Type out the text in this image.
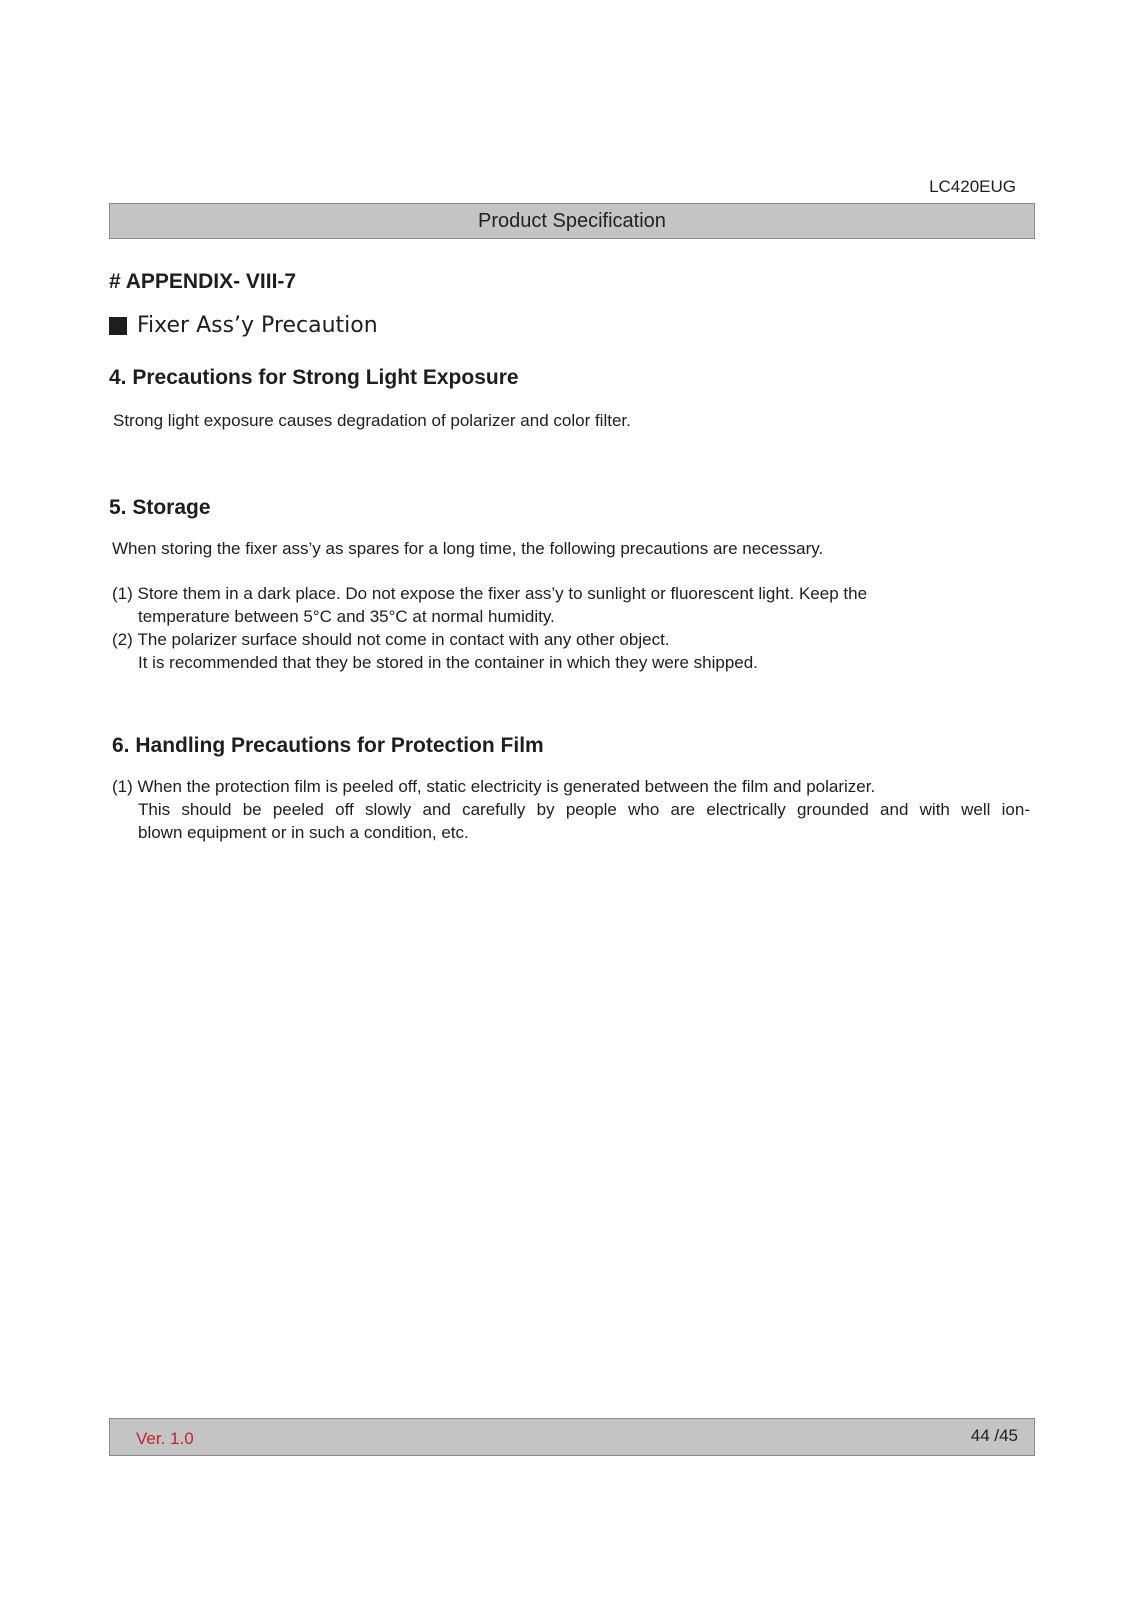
LC420EUG
Product Specification
# APPENDIX- VIII-7
Fixer Ass’y Precaution
4. Precautions for Strong Light Exposure
Strong light exposure causes degradation of polarizer and color filter.
5. Storage
When storing the fixer ass’y as spares for a long time, the following precautions are necessary.
(1)
Store them in a dark place. Do not expose the fixer ass’y to sunlight or fluorescent light. Keep the
temperature between 5°C and 35°C at normal humidity.
(2)
The polarizer surface should not come in contact with any other object.
It is recommended that they be stored in the container in which they were shipped.
6. Handling Precautions for Protection Film
(1)
When the protection film is peeled off, static electricity is generated between the film and polarizer.
This should be peeled off slowly and carefully by people who are electrically grounded and with well ion-
blown equipment or in such a condition, etc.
Ver. 1.0	44 /45
